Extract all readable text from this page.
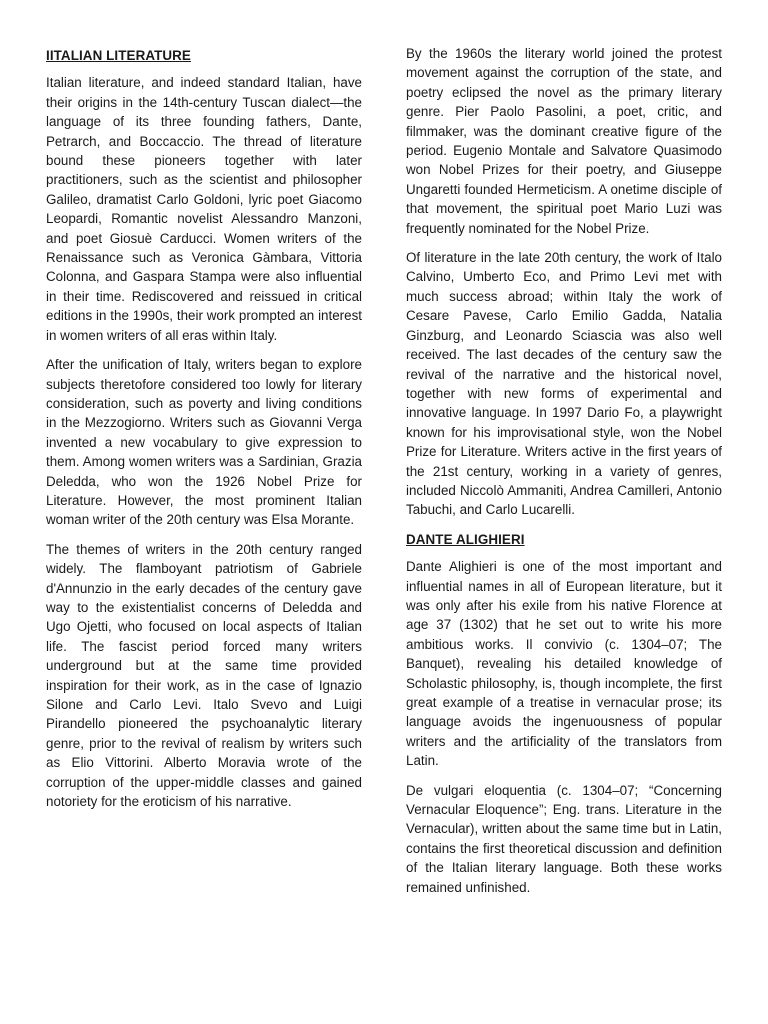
IITALIAN LITERATURE

Italian literature, and indeed standard Italian, have their origins in the 14th-century Tuscan dialect—the language of its three founding fathers, Dante, Petrarch, and Boccaccio. The thread of literature bound these pioneers together with later practitioners, such as the scientist and philosopher Galileo, dramatist Carlo Goldoni, lyric poet Giacomo Leopardi, Romantic novelist Alessandro Manzoni, and poet Giosuè Carducci. Women writers of the Renaissance such as Veronica Gàmbara, Vittoria Colonna, and Gaspara Stampa were also influential in their time. Rediscovered and reissued in critical editions in the 1990s, their work prompted an interest in women writers of all eras within Italy.

After the unification of Italy, writers began to explore subjects theretofore considered too lowly for literary consideration, such as poverty and living conditions in the Mezzogiorno. Writers such as Giovanni Verga invented a new vocabulary to give expression to them. Among women writers was a Sardinian, Grazia Deledda, who won the 1926 Nobel Prize for Literature. However, the most prominent Italian woman writer of the 20th century was Elsa Morante.

The themes of writers in the 20th century ranged widely. The flamboyant patriotism of Gabriele d'Annunzio in the early decades of the century gave way to the existentialist concerns of Deledda and Ugo Ojetti, who focused on local aspects of Italian life. The fascist period forced many writers underground but at the same time provided inspiration for their work, as in the case of Ignazio Silone and Carlo Levi. Italo Svevo and Luigi Pirandello pioneered the psychoanalytic literary genre, prior to the revival of realism by writers such as Elio Vittorini. Alberto Moravia wrote of the corruption of the upper-middle classes and gained notoriety for the eroticism of his narrative.

By the 1960s the literary world joined the protest movement against the corruption of the state, and poetry eclipsed the novel as the primary literary genre. Pier Paolo Pasolini, a poet, critic, and filmmaker, was the dominant creative figure of the period. Eugenio Montale and Salvatore Quasimodo won Nobel Prizes for their poetry, and Giuseppe Ungaretti founded Hermeticism. A onetime disciple of that movement, the spiritual poet Mario Luzi was frequently nominated for the Nobel Prize.

Of literature in the late 20th century, the work of Italo Calvino, Umberto Eco, and Primo Levi met with much success abroad; within Italy the work of Cesare Pavese, Carlo Emilio Gadda, Natalia Ginzburg, and Leonardo Sciascia was also well received. The last decades of the century saw the revival of the narrative and the historical novel, together with new forms of experimental and innovative language. In 1997 Dario Fo, a playwright known for his improvisational style, won the Nobel Prize for Literature. Writers active in the first years of the 21st century, working in a variety of genres, included Niccolò Ammaniti, Andrea Camilleri, Antonio Tabuchi, and Carlo Lucarelli.

DANTE ALIGHIERI

Dante Alighieri is one of the most important and influential names in all of European literature, but it was only after his exile from his native Florence at age 37 (1302) that he set out to write his more ambitious works. Il convivio (c. 1304–07; The Banquet), revealing his detailed knowledge of Scholastic philosophy, is, though incomplete, the first great example of a treatise in vernacular prose; its language avoids the ingenuousness of popular writers and the artificiality of the translators from Latin.

De vulgari eloquentia (c. 1304–07; “Concerning Vernacular Eloquence”; Eng. trans. Literature in the Vernacular), written about the same time but in Latin, contains the first theoretical discussion and definition of the Italian literary language. Both these works remained unfinished.
